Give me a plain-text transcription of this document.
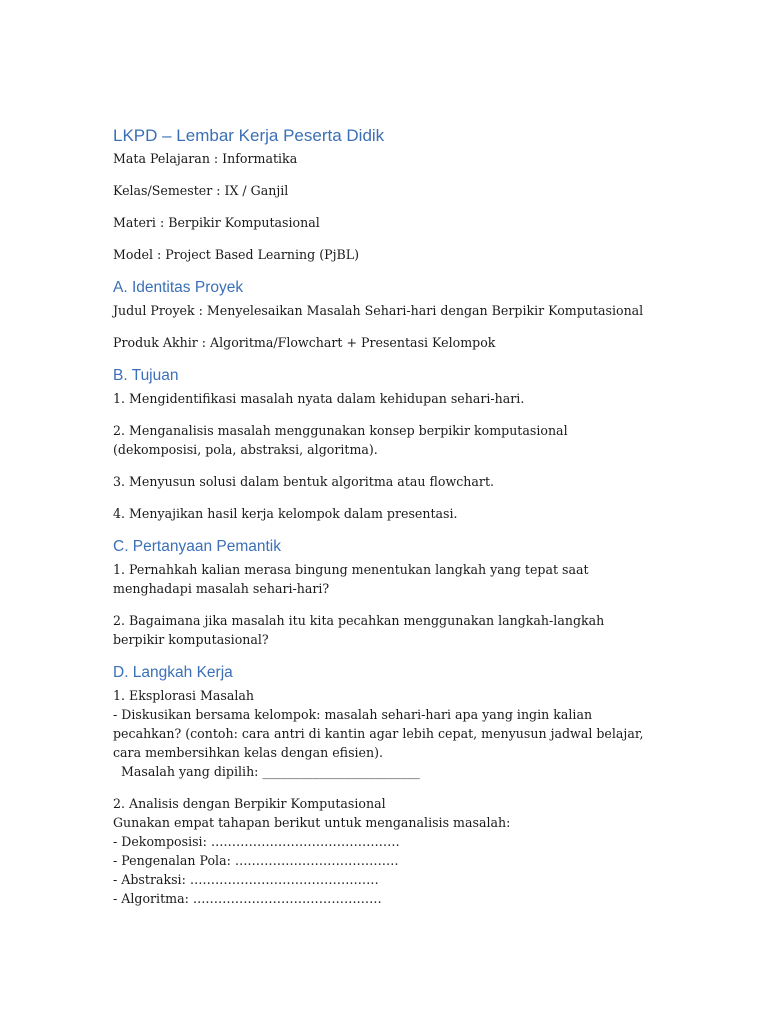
LKPD – Lembar Kerja Peserta Didik

Mata Pelajaran : Informatika

Kelas/Semester : IX / Ganjil

Materi : Berpikir Komputasional

Model : Project Based Learning (PjBL)

A. Identitas Proyek

Judul Proyek : Menyelesaikan Masalah Sehari-hari dengan Berpikir Komputasional

Produk Akhir : Algoritma/Flowchart + Presentasi Kelompok

B. Tujuan

1. Mengidentifikasi masalah nyata dalam kehidupan sehari-hari.

2. Menganalisis masalah menggunakan konsep berpikir komputasional (dekomposisi, pola, abstraksi, algoritma).

3. Menyusun solusi dalam bentuk algoritma atau flowchart.

4. Menyajikan hasil kerja kelompok dalam presentasi.

C. Pertanyaan Pemantik

1. Pernahkah kalian merasa bingung menentukan langkah yang tepat saat menghadapi masalah sehari-hari?

2. Bagaimana jika masalah itu kita pecahkan menggunakan langkah-langkah berpikir komputasional?

D. Langkah Kerja

1. Eksplorasi Masalah

- Diskusikan bersama kelompok: masalah sehari-hari apa yang ingin kalian pecahkan? (contoh: cara antri di kantin agar lebih cepat, menyusun jadwal belajar, cara membersihkan kelas dengan efisien).

Masalah yang dipilih: _________________________

2. Analisis dengan Berpikir Komputasional

Gunakan empat tahapan berikut untuk menganalisis masalah:

- Dekomposisi: ………………………………………

- Pengenalan Pola: …………………………………

- Abstraksi: ………………………………………

- Algoritma: ………………………………………
